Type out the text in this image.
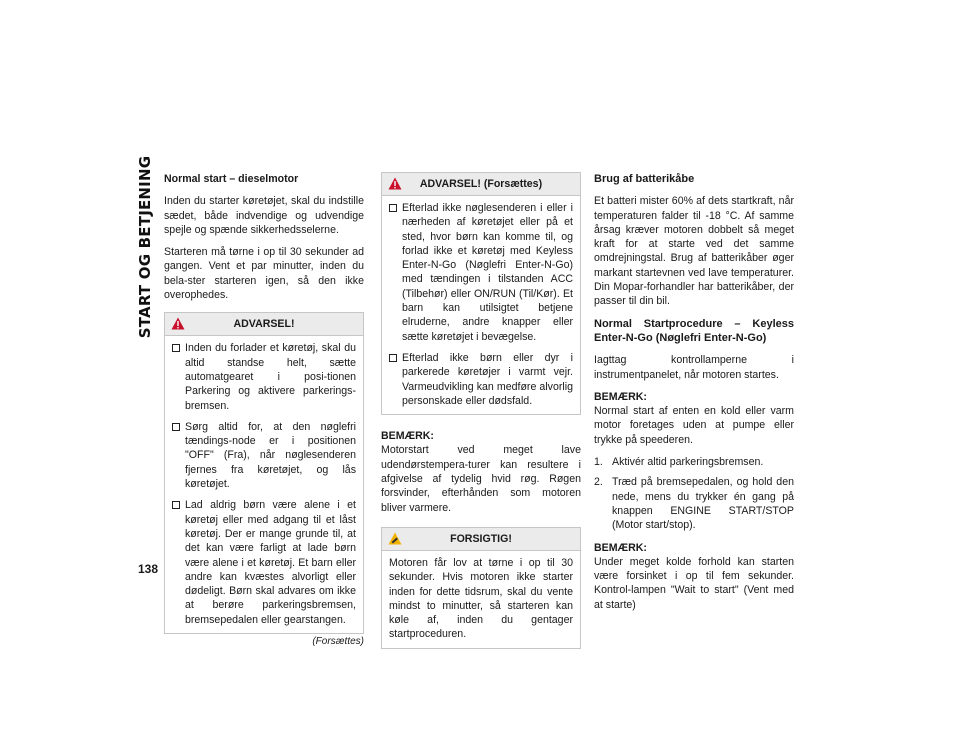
START OG BETJENING
138

Normal start – dieselmotor

Inden du starter køretøjet, skal du indstille sædet, både indvendige og udvendige spejle og spænde sikkerhedsselerne.

Starteren må tørne i op til 30 sekunder ad gangen. Vent et par minutter, inden du bela-ster starteren igen, så den ikke overophedes.

ADVARSEL!
Inden du forlader et køretøj, skal du altid standse helt, sætte automatgearet i posi-tionen Parkering og aktivere parkerings-bremsen.
Sørg altid for, at den nøglefri tændings-node er i positionen "OFF" (Fra), når nøglesenderen fjernes fra køretøjet, og lås køretøjet.
Lad aldrig børn være alene i et køretøj eller med adgang til et låst køretøj. Der er mange grunde til, at det kan være farligt at lade børn være alene i et køretøj. Et barn eller andre kan kvæstes alvorligt eller dødeligt. Børn skal advares om ikke at berøre parkeringsbremsen, bremsepedalen eller gearstangen.
(Forsættes)
ADVARSEL! (Forsættes)
Efterlad ikke nøglesenderen i eller i nærheden af køretøjet eller på et sted, hvor børn kan komme til, og forlad ikke et køretøj med Keyless Enter-N-Go (Nøglefri Enter-N-Go) med tændingen i tilstanden ACC (Tilbehør) eller ON/RUN (Til/Kør). Et barn kan utilsigtet betjene elruderne, andre knapper eller sætte køretøjet i bevægelse.
Efterlad ikke børn eller dyr i parkerede køretøjer i varmt vejr. Varmeudvikling kan medføre alvorlig personskade eller dødsfald.

BEMÆRK:
Motorstart ved meget lave udendørstempera-turer kan resultere i afgivelse af tydelig hvid røg. Røgen forsvinder, efterhånden som motoren bliver varmere.

FORSIGTIG!

Motoren får lov at tørne i op til 30 sekunder. Hvis motoren ikke starter inden for dette tidsrum, skal du vente mindst to minutter, så starteren kan køle af, inden du gentager startproceduren.

Brug af batterikåbe

Et batteri mister 60% af dets startkraft, når temperaturen falder til -18 °C. Af samme årsag kræver motoren dobbelt så meget kraft for at starte ved det samme omdrejningstal. Brug af batterikåber øger markant startevnen ved lave temperaturer. Din Mopar-forhandler har batterikåber, der passer til din bil.

Normal Startprocedure – Keyless Enter-N-Go (Nøglefri Enter-N-Go)

Iagttag kontrollamperne i instrumentpanelet, når motoren startes.

BEMÆRK:
Normal start af enten en kold eller varm motor foretages uden at pumpe eller trykke på speederen.

1. Aktivér altid parkeringsbremsen.
2. Træd på bremsepedalen, og hold den nede, mens du trykker én gang på knappen ENGINE START/STOP (Motor start/stop).

BEMÆRK:
Under meget kolde forhold kan starten være forsinket i op til fem sekunder. Kontrol-lampen "Wait to start" (Vent med at starte)
